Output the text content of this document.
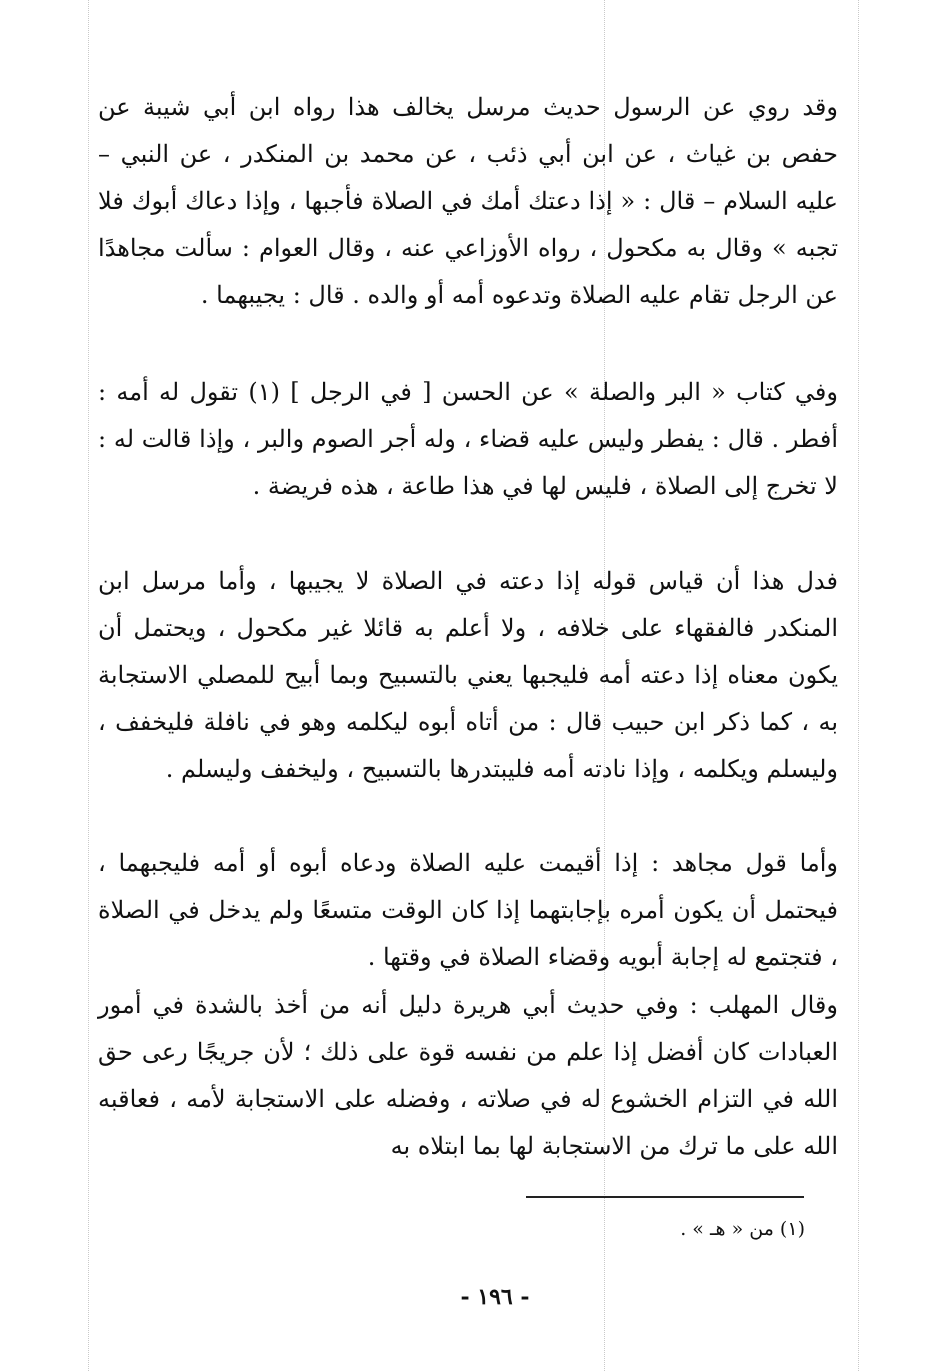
وقد روي عن الرسول حديث مرسل يخالف هذا رواه ابن أبي شيبة عن حفص بن غياث ، عن ابن أبي ذئب ، عن محمد بن المنكدر ، عن النبي – عليه السلام – قال : « إذا دعتك أمك في الصلاة فأجبها ، وإذا دعاك أبوك فلا تجبه » وقال به مكحول ، رواه الأوزاعي عنه ، وقال العوام : سألت مجاهدًا عن الرجل تقام عليه الصلاة وتدعوه أمه أو والده . قال : يجيبهما .

وفي كتاب « البر والصلة » عن الحسن [ في الرجل ] (١) تقول له أمه : أفطر . قال : يفطر وليس عليه قضاء ، وله أجر الصوم والبر ، وإذا قالت له : لا تخرج إلى الصلاة ، فليس لها في هذا طاعة ، هذه فريضة .

فدل هذا أن قياس قوله إذا دعته في الصلاة لا يجيبها ، وأما مرسل ابن المنكدر فالفقهاء على خلافه ، ولا أعلم به قائلا غير مكحول ، ويحتمل أن يكون معناه إذا دعته أمه فليجبها يعني بالتسبيح وبما أبيح للمصلي الاستجابة به ، كما ذكر ابن حبيب قال : من أتاه أبوه ليكلمه وهو في نافلة فليخفف ، وليسلم ويكلمه ، وإذا نادته أمه فليبتدرها بالتسبيح ، وليخفف وليسلم .

وأما قول مجاهد : إذا أقيمت عليه الصلاة ودعاه أبوه أو أمه فليجبهما ، فيحتمل أن يكون أمره بإجابتهما إذا كان الوقت متسعًا ولم يدخل في الصلاة ، فتجتمع له إجابة أبويه وقضاء الصلاة في وقتها .

وقال المهلب : وفي حديث أبي هريرة دليل أنه من أخذ بالشدة في أمور العبادات كان أفضل إذا علم من نفسه قوة على ذلك ؛ لأن جريجًا رعى حق الله في التزام الخشوع له في صلاته ، وفضله على الاستجابة لأمه ، فعاقبه الله على ما ترك من الاستجابة لها بما ابتلاه به

(١) من « هـ » .
- ١٩٦ -
